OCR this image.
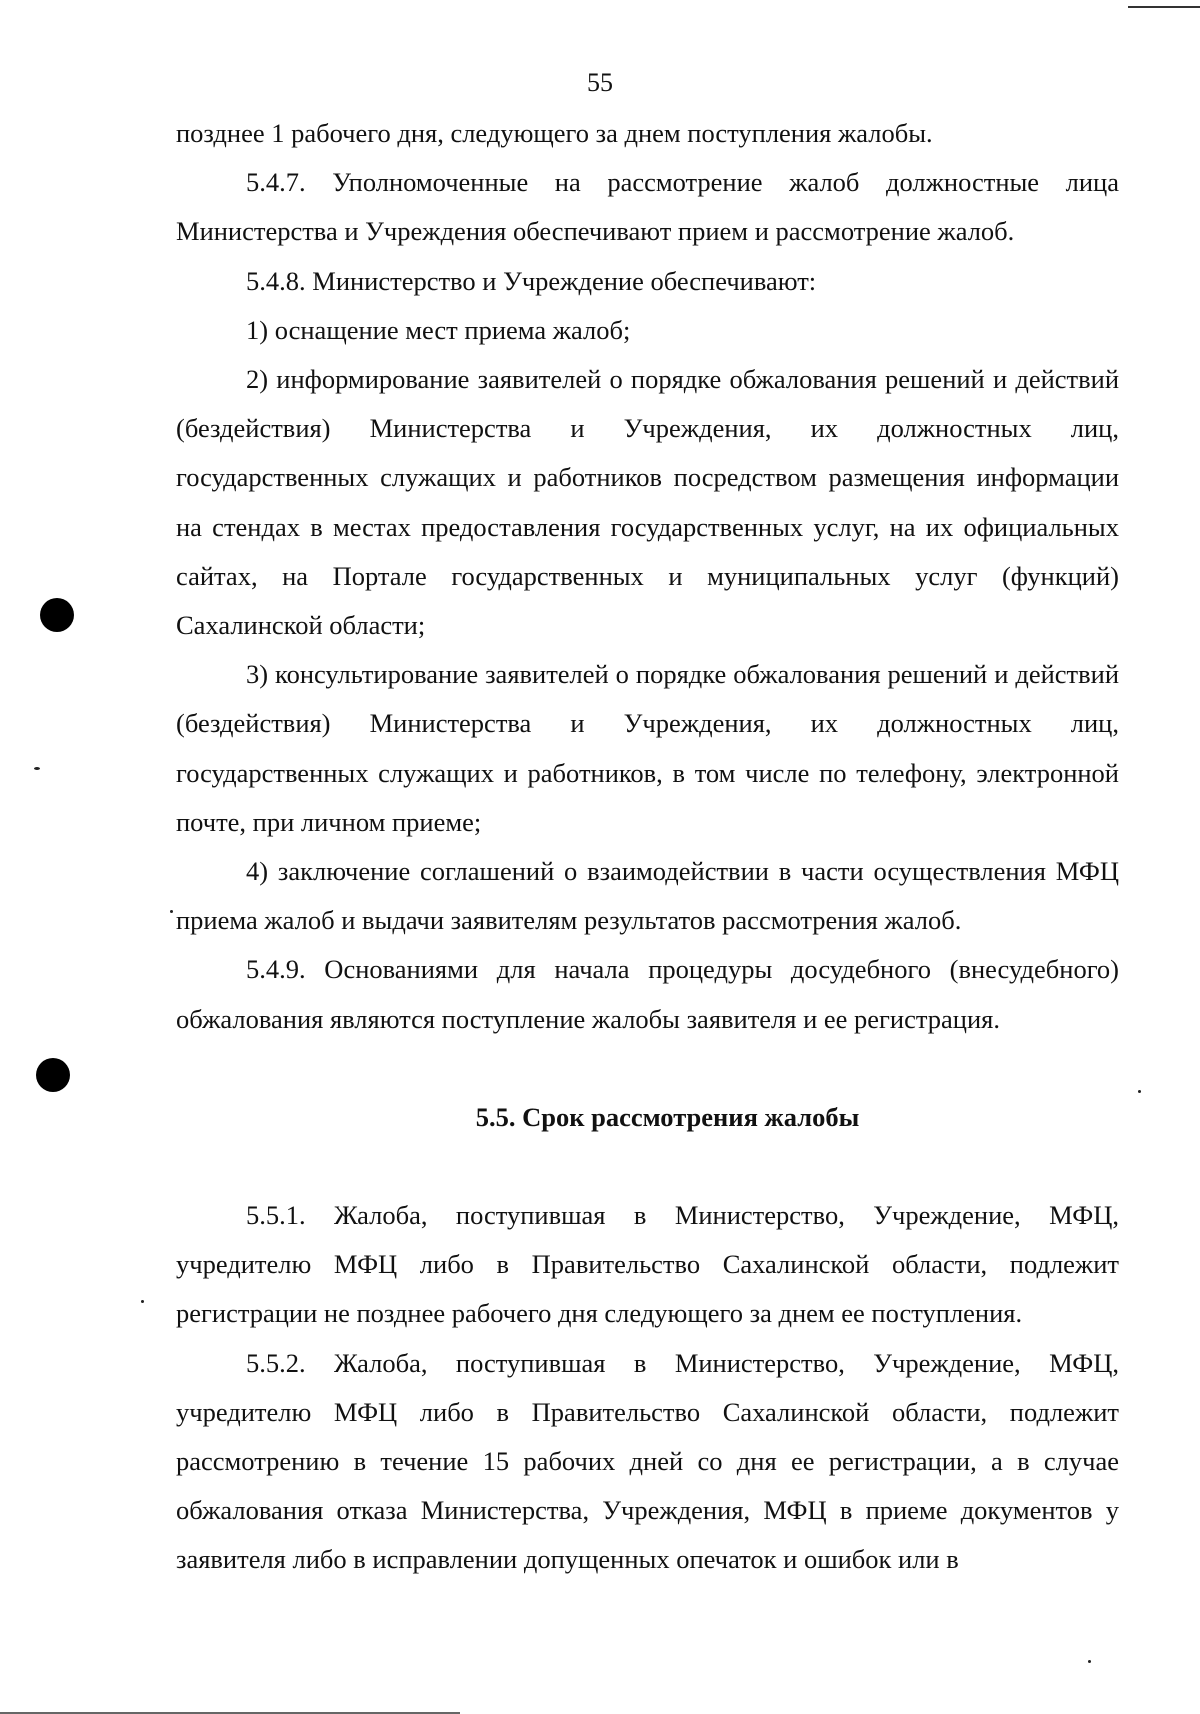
55

позднее 1 рабочего дня, следующего за днем поступления жалобы.

5.4.7. Уполномоченные на рассмотрение жалоб должностные лица Министерства и Учреждения обеспечивают прием и рассмотрение жалоб.

5.4.8. Министерство и Учреждение обеспечивают:

1) оснащение мест приема жалоб;

2) информирование заявителей о порядке обжалования решений и действий (бездействия) Министерства и Учреждения, их должностных лиц, государственных служащих и работников посредством размещения информации на стендах в местах предоставления государственных услуг, на их официальных сайтах, на Портале государственных и муниципальных услуг (функций) Сахалинской области;

3) консультирование заявителей о порядке обжалования решений и действий (бездействия) Министерства и Учреждения, их должностных лиц, государственных служащих и работников, в том числе по телефону, электронной почте, при личном приеме;

4) заключение соглашений о взаимодействии в части осуществления МФЦ приема жалоб и выдачи заявителям результатов рассмотрения жалоб.

5.4.9. Основаниями для начала процедуры досудебного (внесудебного) обжалования являются поступление жалобы заявителя и ее регистрация.

5.5. Срок рассмотрения жалобы

5.5.1. Жалоба, поступившая в Министерство, Учреждение, МФЦ, учредителю МФЦ либо в Правительство Сахалинской области, подлежит регистрации не позднее рабочего дня следующего за днем ее поступления.

5.5.2. Жалоба, поступившая в Министерство, Учреждение, МФЦ, учредителю МФЦ либо в Правительство Сахалинской области, подлежит рассмотрению в течение 15 рабочих дней со дня ее регистрации, а в случае обжалования отказа Министерства, Учреждения, МФЦ в приеме документов у заявителя либо в исправлении допущенных опечаток и ошибок или в
